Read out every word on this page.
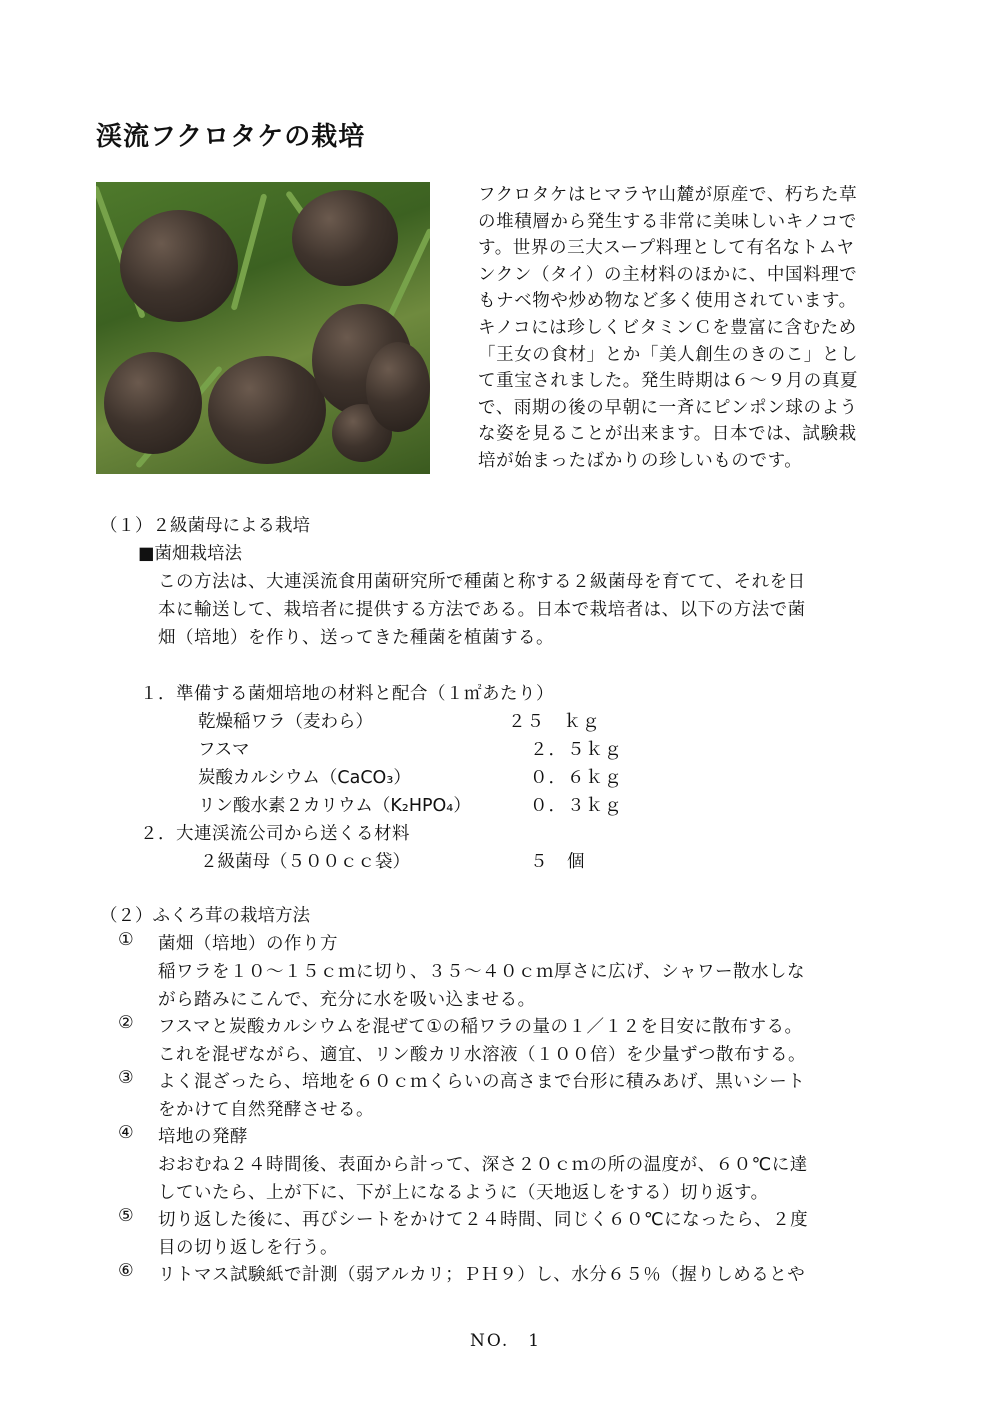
渓流フクロタケの栽培
フクロタケはヒマラヤ山麓が原産で、朽ちた草
の堆積層から発生する非常に美味しいキノコで
す。世界の三大スープ料理として有名なトムヤ
ンクン（タイ）の主材料のほかに、中国料理で
もナベ物や炒め物など多く使用されています。
キノコには珍しくビタミンＣを豊富に含むため
「王女の食材」とか「美人創生のきのこ」とし
て重宝されました。発生時期は６～９月の真夏
で、雨期の後の早朝に一斉にピンポン球のよう
な姿を見ることが出来ます。日本では、試験栽
培が始まったばかりの珍しいものです。
（１）２級菌母による栽培
■菌畑栽培法
この方法は、大連渓流食用菌研究所で種菌と称する２級菌母を育てて、それを日
本に輸送して、栽培者に提供する方法である。日本で栽培者は、以下の方法で菌
畑（培地）を作り、送ってきた種菌を植菌する。
１．準備する菌畑培地の材料と配合（１㎡あたり）
乾燥稲ワラ（麦わら）	２５　ｋｇ
フスマ	２．５ｋｇ
炭酸カルシウム（CaCO₃）	０．６ｋｇ
リン酸水素２カリウム（K₂HPO₄）	０．３ｋｇ
２．大連渓流公司から送くる材料
２級菌母（５００ｃｃ袋）	５　個
（２）ふくろ茸の栽培方法
① 菌畑（培地）の作り方
稲ワラを１０～１５ｃｍに切り、３５～４０ｃｍ厚さに広げ、シャワー散水しな
がら踏みにこんで、充分に水を吸い込ませる。
② フスマと炭酸カルシウムを混ぜて①の稲ワラの量の１／１２を目安に散布する。
これを混ぜながら、適宜、リン酸カリ水溶液（１００倍）を少量ずつ散布する。
③ よく混ざったら、培地を６０ｃｍくらいの高さまで台形に積みあげ、黒いシート
をかけて自然発酵させる。
④ 培地の発酵
おおむね２４時間後、表面から計って、深さ２０ｃｍの所の温度が、６０℃に達
していたら、上が下に、下が上になるように（天地返しをする）切り返す。
⑤ 切り返した後に、再びシートをかけて２４時間、同じく６０℃になったら、２度
目の切り返しを行う。
⑥ リトマス試験紙で計測（弱アルカリ；ＰＨ９）し、水分６５％（握りしめるとや
NO.　1
